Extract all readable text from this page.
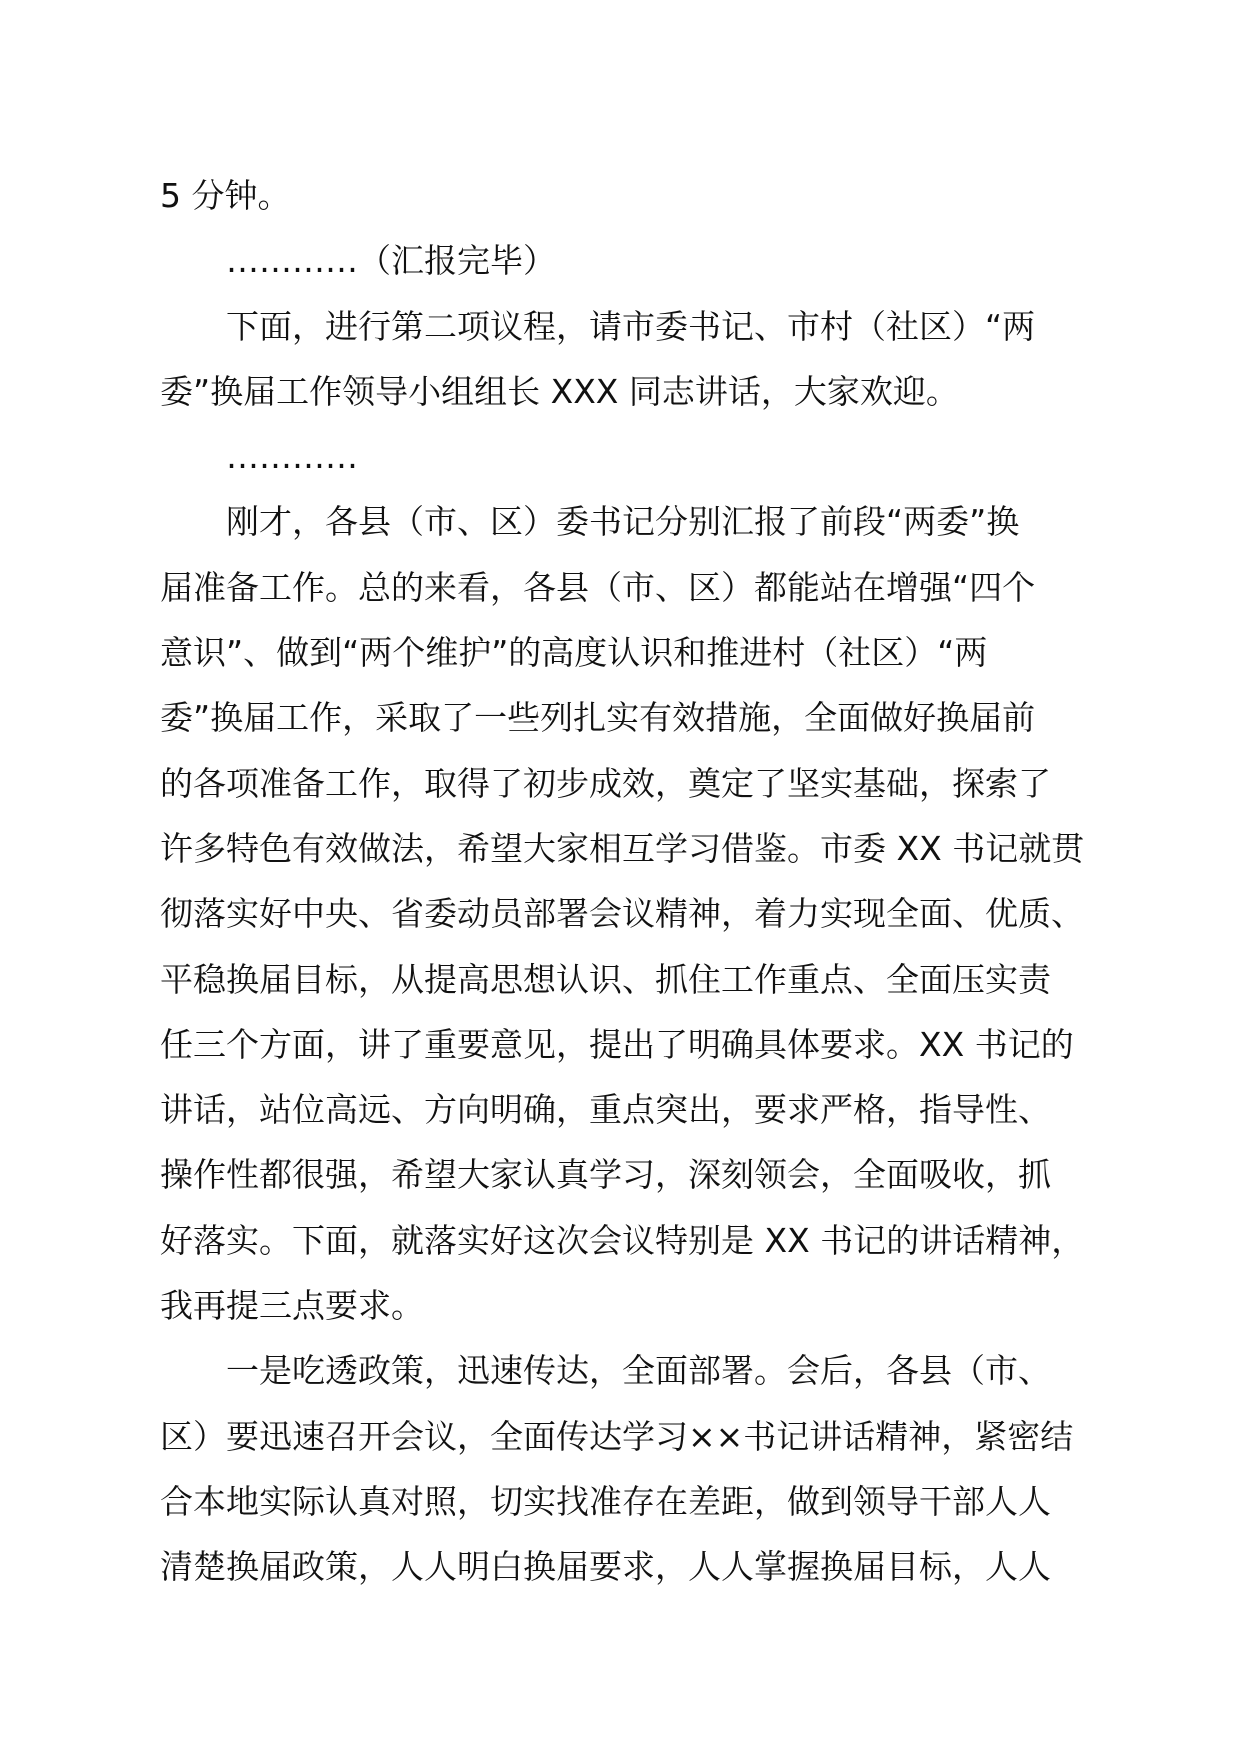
5 分钟。
…………（汇报完毕）
下面，进行第二项议程，请市委书记、市村（社区）“两
委”换届工作领导小组组长 XXX 同志讲话，大家欢迎。
…………
刚才，各县（市、区）委书记分别汇报了前段“两委”换
届准备工作。总的来看，各县（市、区）都能站在增强“四个
意识”、做到“两个维护”的高度认识和推进村（社区）“两
委”换届工作，采取了一些列扎实有效措施，全面做好换届前
的各项准备工作，取得了初步成效，奠定了坚实基础，探索了
许多特色有效做法，希望大家相互学习借鉴。市委 XX 书记就贯
彻落实好中央、省委动员部署会议精神，着力实现全面、优质、
平稳换届目标，从提高思想认识、抓住工作重点、全面压实责
任三个方面，讲了重要意见，提出了明确具体要求。XX 书记的
讲话，站位高远、方向明确，重点突出，要求严格，指导性、
操作性都很强，希望大家认真学习，深刻领会，全面吸收，抓
好落实。下面，就落实好这次会议特别是 XX 书记的讲话精神，
我再提三点要求。
一是吃透政策，迅速传达，全面部署。会后，各县（市、
区）要迅速召开会议，全面传达学习××书记讲话精神，紧密结
合本地实际认真对照，切实找准存在差距，做到领导干部人人
清楚换届政策，人人明白换届要求，人人掌握换届目标，人人
